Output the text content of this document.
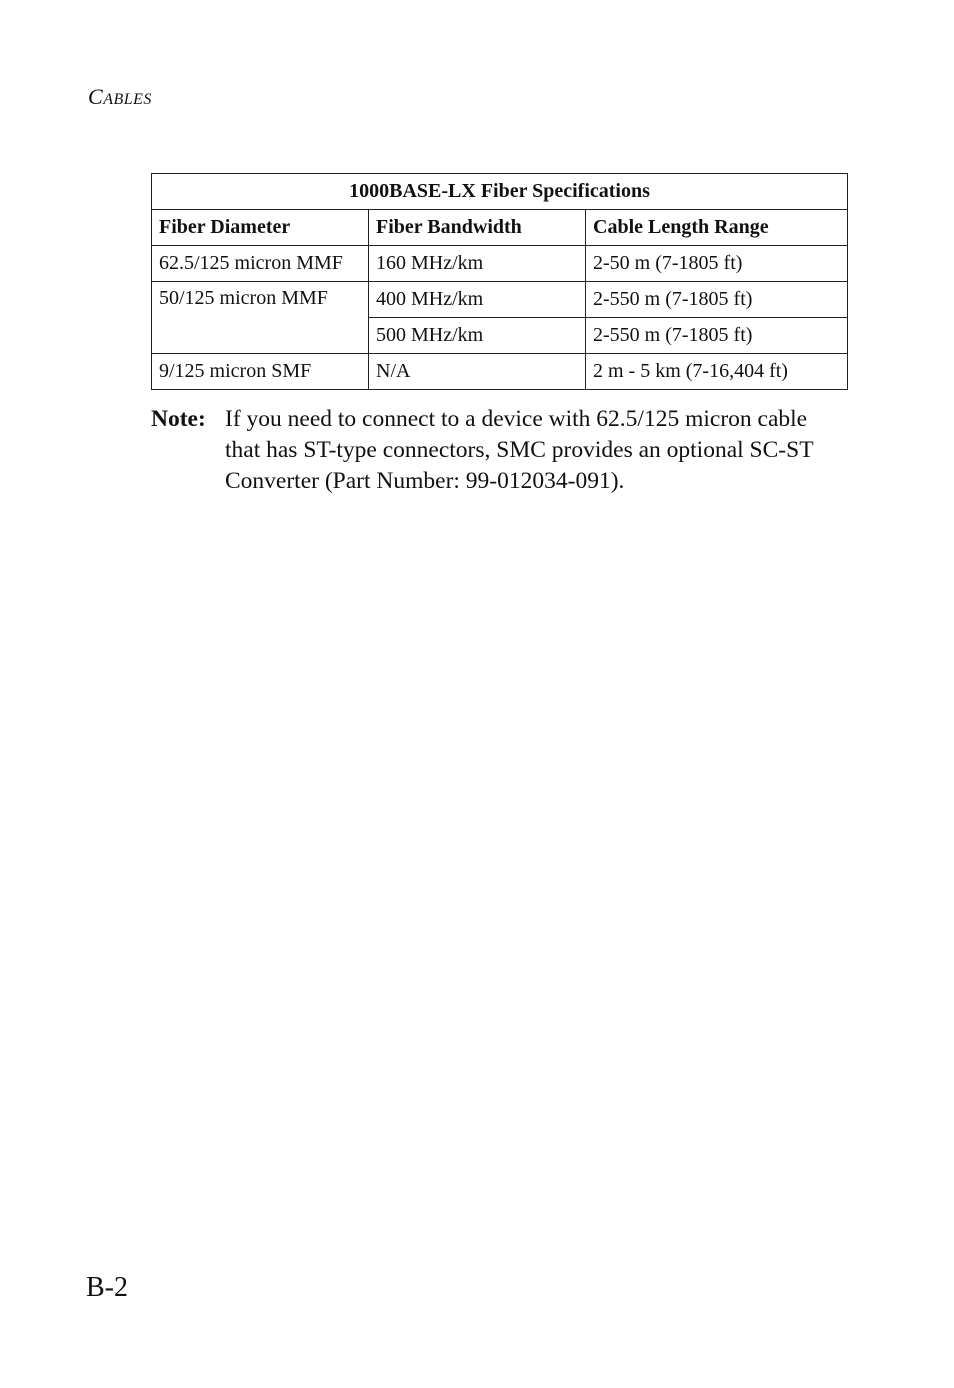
CABLES
1000BASE-LX Fiber Specifications		
Fiber Diameter	Fiber Bandwidth	Cable Length Range
62.5/125 micron MMF	160 MHz/km	2-50 m (7-1805 ft)
50/125 micron MMF	400 MHz/km	2-550 m (7-1805 ft)
	500 MHz/km	2-550 m (7-1805 ft)
9/125 micron SMF	N/A	2 m - 5 km (7-16,404 ft)
Note: If you need to connect to a device with 62.5/125 micron cable that has ST-type connectors, SMC provides an optional SC-ST Converter (Part Number: 99-012034-091).
B-2
